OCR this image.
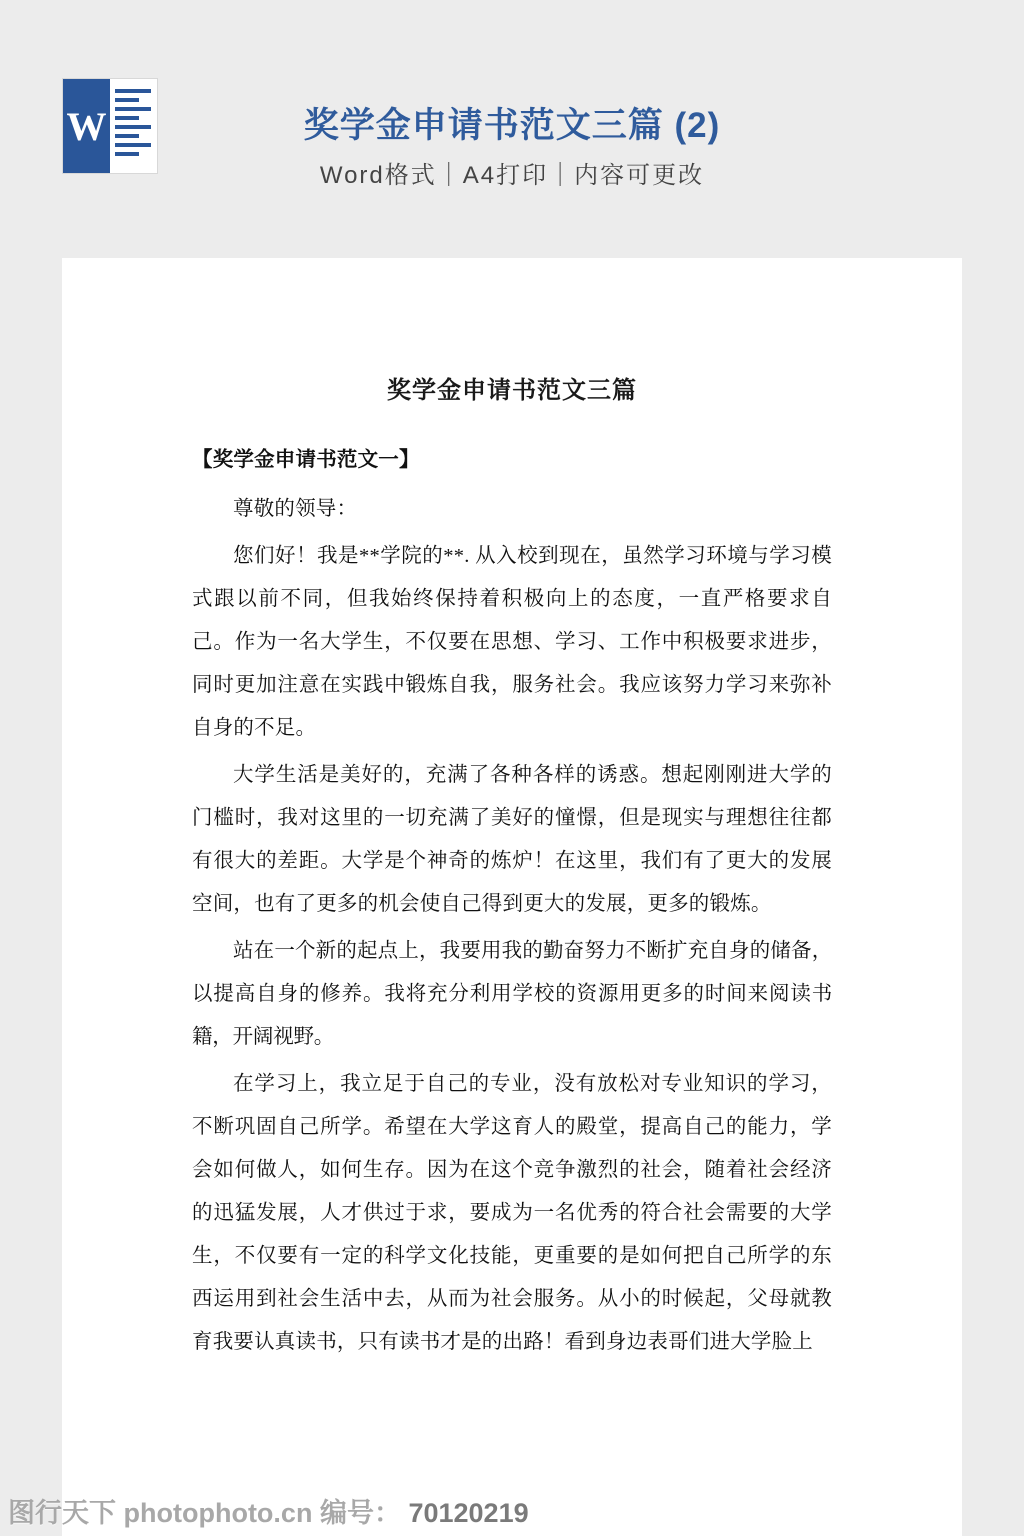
W	奖学金申请书范文三篇 (2)
Word格式｜A4打印｜内容可更改
奖学金申请书范文三篇

【奖学金申请书范文一】

尊敬的领导：

您们好！我是**学院的**. 从入校到现在，虽然学习环境与学习模式跟以前不同，但我始终保持着积极向上的态度，一直严格要求自己。作为一名大学生，不仅要在思想、学习、工作中积极要求进步，同时更加注意在实践中锻炼自我，服务社会。我应该努力学习来弥补自身的不足。

大学生活是美好的，充满了各种各样的诱惑。想起刚刚进大学的门槛时，我对这里的一切充满了美好的憧憬，但是现实与理想往往都有很大的差距。大学是个神奇的炼炉！在这里，我们有了更大的发展空间，也有了更多的机会使自己得到更大的发展，更多的锻炼。

站在一个新的起点上，我要用我的勤奋努力不断扩充自身的储备，以提高自身的修养。我将充分利用学校的资源用更多的时间来阅读书籍，开阔视野。

在学习上，我立足于自己的专业，没有放松对专业知识的学习，不断巩固自己所学。希望在大学这育人的殿堂，提高自己的能力，学会如何做人，如何生存。因为在这个竞争激烈的社会，随着社会经济的迅猛发展，人才供过于求，要成为一名优秀的符合社会需要的大学生，不仅要有一定的科学文化技能，更重要的是如何把自己所学的东西运用到社会生活中去，从而为社会服务。从小的时候起，父母就教育我要认真读书，只有读书才是的出路！看到身边表哥们进大学脸上

图行天下 photophoto.cn 编号： 70120219
